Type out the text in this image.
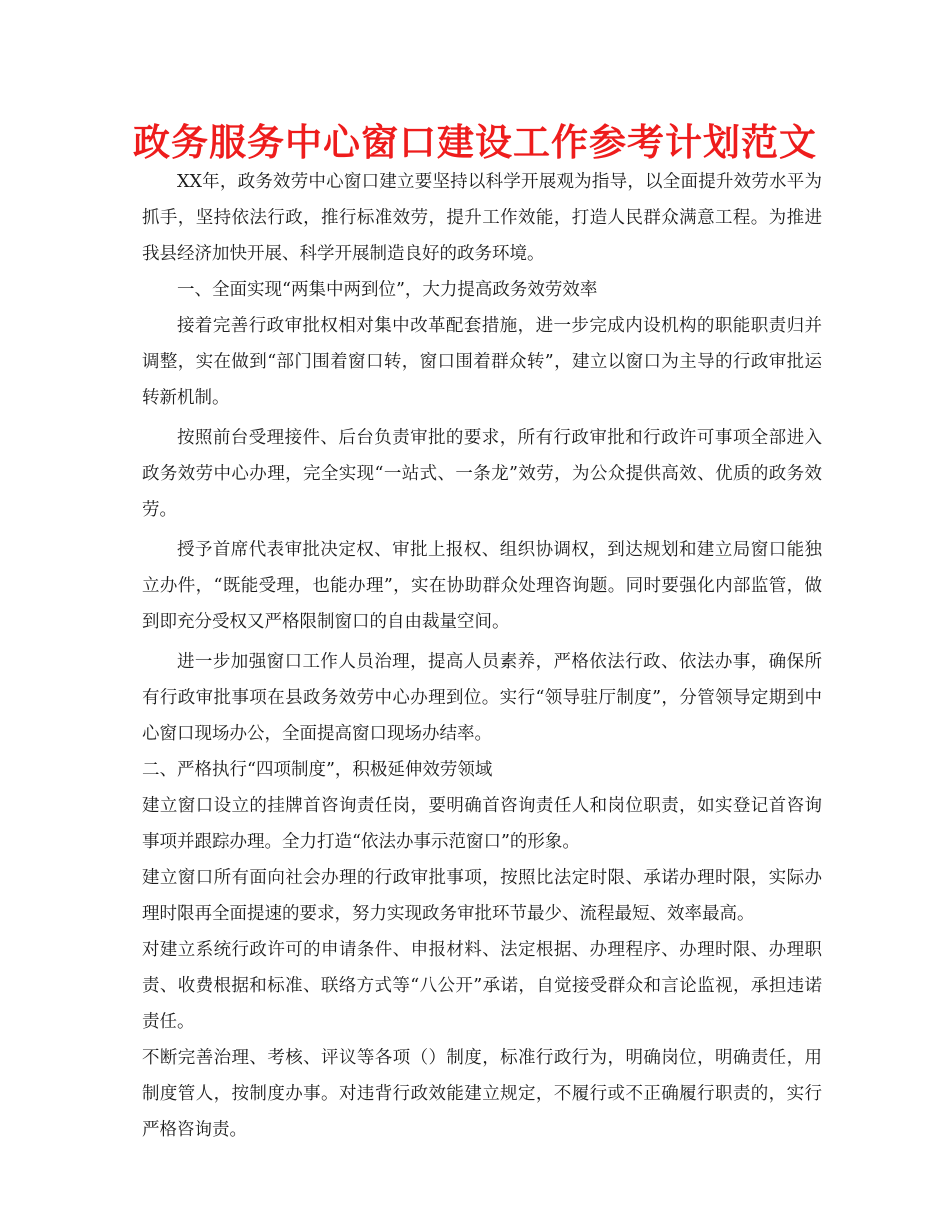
政务服务中心窗口建设工作参考计划范文

XX年，政务效劳中心窗口建立要坚持以科学开展观为指导，以全面提升效劳水平为抓手，坚持依法行政，推行标准效劳，提升工作效能，打造人民群众满意工程。为推进我县经济加快开展、科学开展制造良好的政务环境。

一、全面实现“两集中两到位”，大力提高政务效劳效率

接着完善行政审批权相对集中改革配套措施，进一步完成内设机构的职能职责归并调整，实在做到“部门围着窗口转，窗口围着群众转”，建立以窗口为主导的行政审批运转新机制。

按照前台受理接件、后台负责审批的要求，所有行政审批和行政许可事项全部进入政务效劳中心办理，完全实现“一站式、一条龙”效劳，为公众提供高效、优质的政务效劳。

授予首席代表审批决定权、审批上报权、组织协调权，到达规划和建立局窗口能独立办件，“既能受理，也能办理”，实在协助群众处理咨询题。同时要强化内部监管，做到即充分受权又严格限制窗口的自由裁量空间。

进一步加强窗口工作人员治理，提高人员素养，严格依法行政、依法办事，确保所有行政审批事项在县政务效劳中心办理到位。实行“领导驻厅制度”，分管领导定期到中心窗口现场办公，全面提高窗口现场办结率。

二、严格执行“四项制度”，积极延伸效劳领域

建立窗口设立的挂牌首咨询责任岗，要明确首咨询责任人和岗位职责，如实登记首咨询事项并跟踪办理。全力打造“依法办事示范窗口”的形象。

建立窗口所有面向社会办理的行政审批事项，按照比法定时限、承诺办理时限，实际办理时限再全面提速的要求，努力实现政务审批环节最少、流程最短、效率最高。

对建立系统行政许可的申请条件、申报材料、法定根据、办理程序、办理时限、办理职责、收费根据和标准、联络方式等“八公开”承诺，自觉接受群众和言论监视，承担违诺责任。

不断完善治理、考核、评议等各项（）制度，标准行政行为，明确岗位，明确责任，用制度管人，按制度办事。对违背行政效能建立规定，不履行或不正确履行职责的，实行严格咨询责。
